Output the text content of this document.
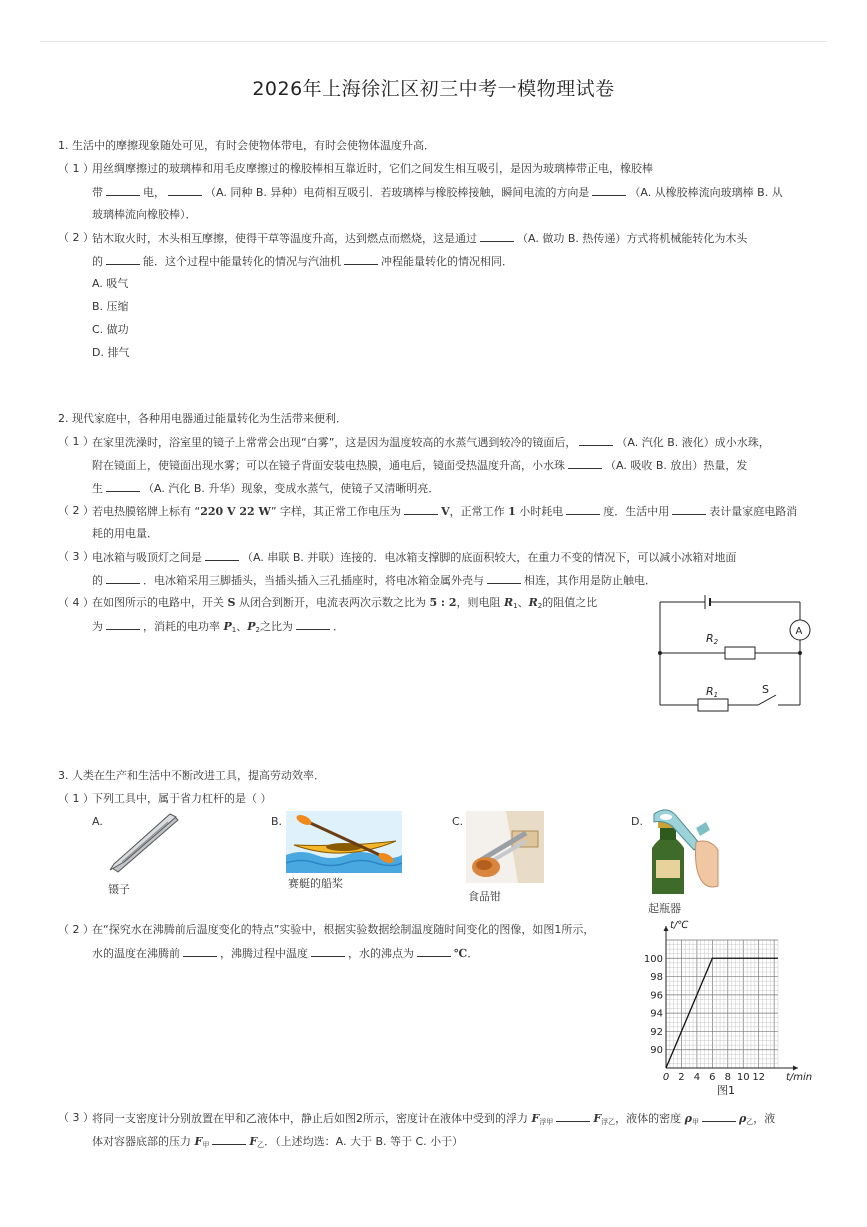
2026年上海徐汇区初三中考一模物理试卷
1. 生活中的摩擦现象随处可见，有时会使物体带电，有时会使物体温度升高．
（ 1 ）
用丝绸摩擦过的玻璃棒和用毛皮摩擦过的橡胶棒相互靠近时，它们之间发生相互吸引，是因为玻璃棒带正电，橡胶棒
带	电，	（A. 同种 B. 异种）电荷相互吸引．若玻璃棒与橡胶棒接触，瞬间电流的方向是	（A. 从橡胶棒流向玻璃棒 B. 从
玻璃棒流向橡胶棒）．
（ 2 ）
钻木取火时，木头相互摩擦，使得干草等温度升高，达到燃点而燃烧，这是通过	（A. 做功 B. 热传递）方式将机械能转化为木头
的	能．这个过程中能量转化的情况与汽油机	冲程能量转化的情况相同．
A. 吸气
B. 压缩
C. 做功
D. 排气
2. 现代家庭中，各种用电器通过能量转化为生活带来便利．
（ 1 ）
在家里洗澡时，浴室里的镜子上常常会出现“白雾”，这是因为温度较高的水蒸气遇到较冷的镜面后，	（A. 汽化 B. 液化）成小水珠，
附在镜面上，使镜面出现水雾；可以在镜子背面安装电热膜，通电后，镜面受热温度升高，小水珠	（A. 吸收 B. 放出）热量，发
生	（A. 汽化 B. 升华）现象，变成水蒸气，使镜子又清晰明亮．
（ 2 ）
若电热膜铭牌上标有 “220 V 22 W” 字样，其正常工作电压为	V，正常工作 1 小时耗电	度．生活中用	表计量家庭电路消
耗的用电量．
（ 3 ）
电冰箱与吸顶灯之间是	（A. 串联 B. 并联）连接的．电冰箱支撑脚的底面积较大，在重力不变的情况下，可以减小冰箱对地面
的	．电冰箱采用三脚插头，当插头插入三孔插座时，将电冰箱金属外壳与	相连，其作用是防止触电．
（ 4 ）
在如图所示的电路中，开关 S 从闭合到断开，电流表两次示数之比为 5 : 2，则电阻 $R_1$、$R_2$的阻值之比
为	，消耗的电功率 $P_1$、$P_2$之比为	．	A
R2
R1	S
3. 人类在生产和生活中不断改进工具，提高劳动效率．
（ 1 ）
下列工具中，属于省力杠杆的是（ ）
A.
镊子
B.
赛艇的船桨
C.
食品钳
D.
起瓶器
（ 2 ）
在“探究水在沸腾前后温度变化的特点”实验中，根据实验数据绘制温度随时间变化的图像，如图1所示，
水的温度在沸腾前	，沸腾过程中温度	，水的沸点为	℃．
0 2 4 6 8 10 12
90
92
94
96
98
100
t/℃
t/min
图1
（ 3 ）
将同一支密度计分别放置在甲和乙液体中，静止后如图2所示，密度计在液体中受到的浮力 $F_{浮甲}$	$F_{浮乙}$，液体的密度 $\rho_甲$	$\rho_乙$，液
体对容器底部的压力 $F_甲$	$F_乙$．（上述均选：A. 大于 B. 等于 C. 小于）
